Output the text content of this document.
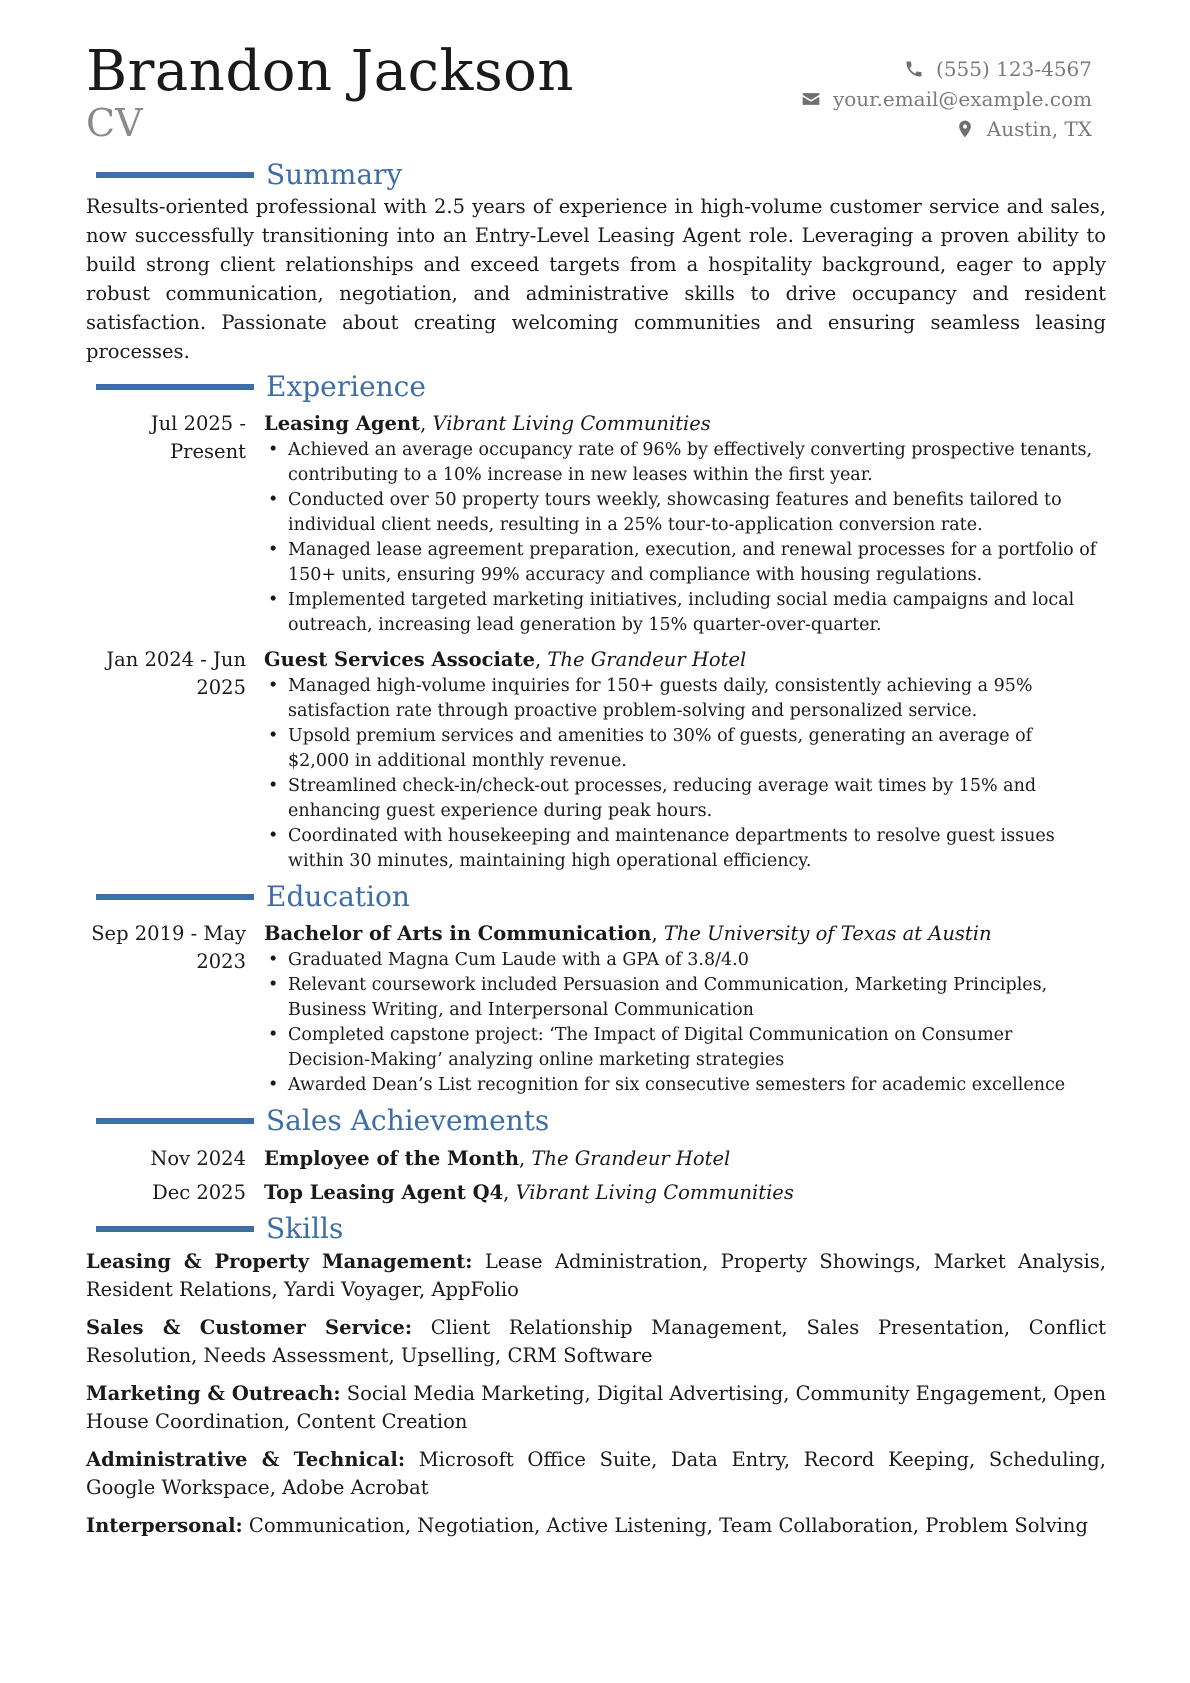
Brandon Jackson
CV
(555) 123-4567
your.email@example.com
Austin, TX
Summary
Results-oriented professional with 2.5 years of experience in high-volume customer service and sales, now successfully transitioning into an Entry-Level Leasing Agent role. Leveraging a proven ability to build strong client relationships and exceed targets from a hospitality background, eager to apply robust communication, negotiation, and administrative skills to drive occupancy and resident satisfaction. Passionate about creating welcoming communities and ensuring seamless leasing processes.
Experience
Jul 2025 - Present
Leasing Agent, Vibrant Living Communities
• Achieved an average occupancy rate of 96% by effectively converting prospective tenants, contributing to a 10% increase in new leases within the first year.
• Conducted over 50 property tours weekly, showcasing features and benefits tailored to individual client needs, resulting in a 25% tour-to-application conversion rate.
• Managed lease agreement preparation, execution, and renewal processes for a portfolio of 150+ units, ensuring 99% accuracy and compliance with housing regulations.
• Implemented targeted marketing initiatives, including social media campaigns and local outreach, increasing lead generation by 15% quarter-over-quarter.
Jan 2024 - Jun 2025
Guest Services Associate, The Grandeur Hotel
• Managed high-volume inquiries for 150+ guests daily, consistently achieving a 95% satisfaction rate through proactive problem-solving and personalized service.
• Upsold premium services and amenities to 30% of guests, generating an average of $2,000 in additional monthly revenue.
• Streamlined check-in/check-out processes, reducing average wait times by 15% and enhancing guest experience during peak hours.
• Coordinated with housekeeping and maintenance departments to resolve guest issues within 30 minutes, maintaining high operational efficiency.
Education
Sep 2019 - May 2023
Bachelor of Arts in Communication, The University of Texas at Austin
• Graduated Magna Cum Laude with a GPA of 3.8/4.0
• Relevant coursework included Persuasion and Communication, Marketing Principles, Business Writing, and Interpersonal Communication
• Completed capstone project: ‘The Impact of Digital Communication on Consumer Decision-Making’ analyzing online marketing strategies
• Awarded Dean’s List recognition for six consecutive semesters for academic excellence
Sales Achievements
Nov 2024 Employee of the Month, The Grandeur Hotel
Dec 2025 Top Leasing Agent Q4, Vibrant Living Communities
Skills
Leasing & Property Management: Lease Administration, Property Showings, Market Analysis, Resident Relations, Yardi Voyager, AppFolio
Sales & Customer Service: Client Relationship Management, Sales Presentation, Conflict Resolution, Needs Assessment, Upselling, CRM Software
Marketing & Outreach: Social Media Marketing, Digital Advertising, Community Engagement, Open House Coordination, Content Creation
Administrative & Technical: Microsoft Office Suite, Data Entry, Record Keeping, Scheduling, Google Workspace, Adobe Acrobat
Interpersonal: Communication, Negotiation, Active Listening, Team Collaboration, Problem Solving
